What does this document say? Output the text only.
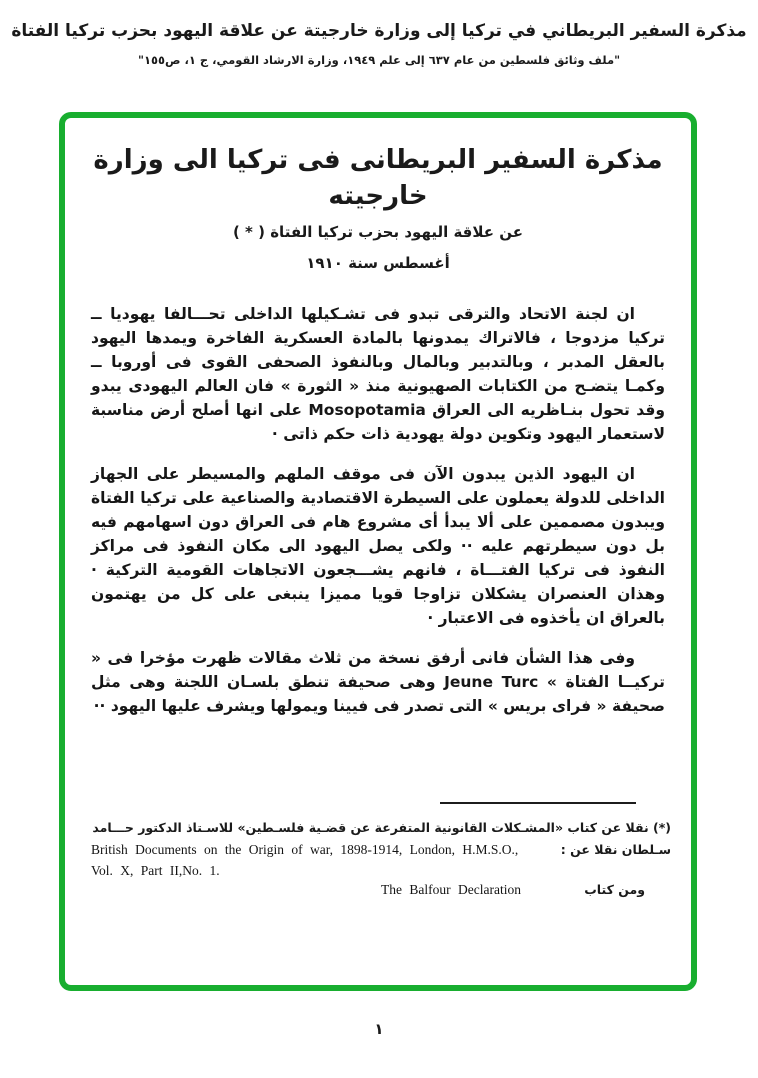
مذكرة السفير البريطاني في تركيا إلى وزارة خارجيتة عن علاقة اليهود بحزب تركيا الفتاة
"ملف وثائق فلسطين من عام ٦٣٧ إلى علم ١٩٤٩، وزارة الارشاد القومي، ج ١، ص١٥٥"
مذكرة السفير البريطانى فى تركيا الى وزارة خارجيته
عن علاقة اليهود بحزب تركيا الفتاة ( * )
أغسطس سنة ١٩١٠

ان لجنة الاتحاد والترقى تبدو فى تشـكيلها الداخلى تحـــالفا يهوديا ــ تركيا مزدوجا ، فالاتراك يمدونها بالمادة العسكرية الفاخرة ويمدها اليهود بالعقل المدبر ، وبالتدبير وبالمال وبالنفوذ الصحفى القوى فى أوروبا ــ وكمـا يتضـح من الكتابات الصهيونية منذ « الثورة » فان العالم اليهودى يبدو وقد تحول بنـاظريه الى العراق Mosopotamia على انها أصلح أرض مناسبة لاستعمار اليهود وتكوين دولة يهودية ذات حكم ذاتى ·

ان اليهود الذين يبدون الآن فى موقف الملهم والمسيطر على الجهاز الداخلى للدولة يعملون على السيطرة الاقتصادية والصناعية على تركيا الفتاة ويبدون مصممين على ألا يبدأ أى مشروع هام فى العراق دون اسهامهم فيه بل دون سيطرتهم عليه ·· ولكى يصل اليهود الى مكان النفوذ فى مراكز النفوذ فى تركيا الفتـــاة ، فانهم يشـــجعون الاتجاهات القومية التركية · وهذان العنصران يشكلان تزاوجا قويا مميزا ينبغى على كل من يهتمون بالعراق ان يأخذوه فى الاعتبار ·

وفى هذا الشأن فانى أرفق نسخة من ثلاث مقالات ظهرت مؤخرا فى « تركيــا الفتاة » Jeune Turc وهى صحيفة تنطق بلسـان اللجنة وهى مثل صحيفة « فراى بريس » التى تصدر فى فيينا ويمولها ويشرف عليها اليهود ··

(*) نقلا عن كتاب «المشـكلات القانونية المتفرعة عن قضـية فلسـطين» للاسـتاذ الدكتور حـــامد
British Documents on the Origin of war, 1898-1914, London, H.M.S.O.,	سـلطان نقلا عن :
Vol. X, Part II,No. 1.
The Balfour Declaration	ومن كتاب
١
